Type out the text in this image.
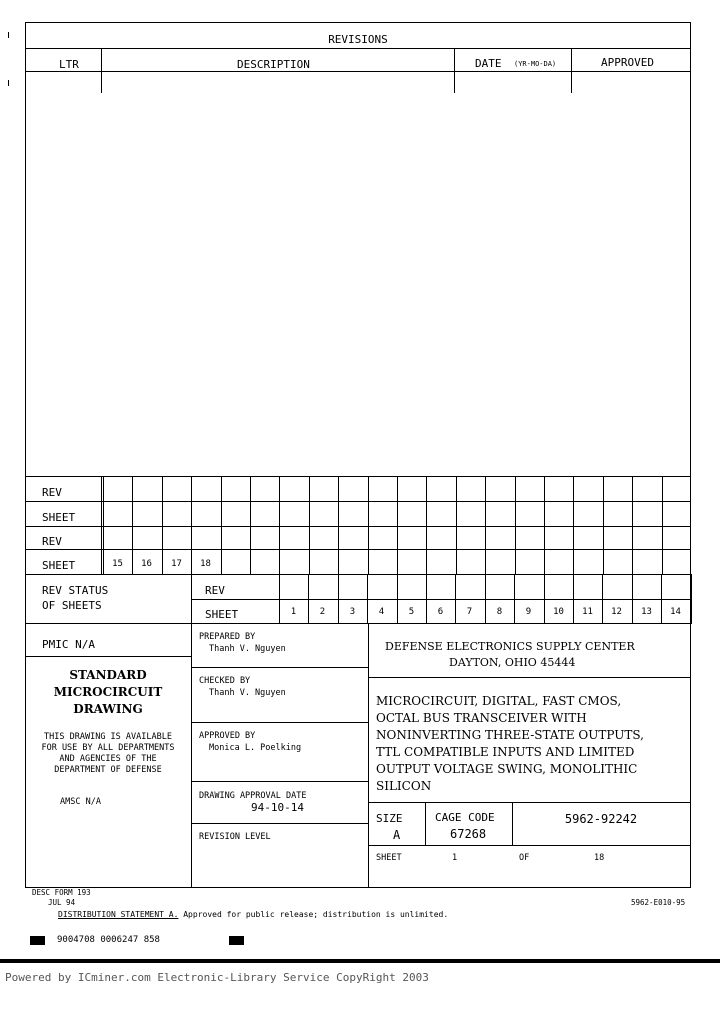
REVISIONS
LTR	DESCRIPTION	DATE (YR-MO-DA)	APPROVED
REV
SHEET
REV
SHEET	15	16	17	18
REV STATUS
OF SHEETS
REV
SHEET	1	2	3	4	5	6	7	8	9	10	11	12	13	14
PMIC N/A
STANDARD
MICROCIRCUIT
DRAWING
THIS DRAWING IS AVAILABLE
FOR USE BY ALL DEPARTMENTS
AND AGENCIES OF THE
DEPARTMENT OF DEFENSE
AMSC N/A
PREPARED BY
Thanh V. Nguyen
CHECKED BY
Thanh V. Nguyen
APPROVED BY
Monica L. Poelking
DRAWING APPROVAL DATE
94-10-14
REVISION LEVEL
DEFENSE ELECTRONICS SUPPLY CENTER
DAYTON, OHIO 45444
MICROCIRCUIT, DIGITAL, FAST CMOS,
OCTAL BUS TRANSCEIVER WITH
NONINVERTING THREE-STATE OUTPUTS,
TTL COMPATIBLE INPUTS AND LIMITED
OUTPUT VOLTAGE SWING, MONOLITHIC
SILICON
SIZE
A
CAGE CODE
67268
5962-92242
SHEET	1	OF	18
DESC FORM 193
JUL 94	5962-E010-95
DISTRIBUTION STATEMENT A. Approved for public release; distribution is unlimited.
9004708 0006247 858
Powered by ICminer.com Electronic-Library Service CopyRight 2003
